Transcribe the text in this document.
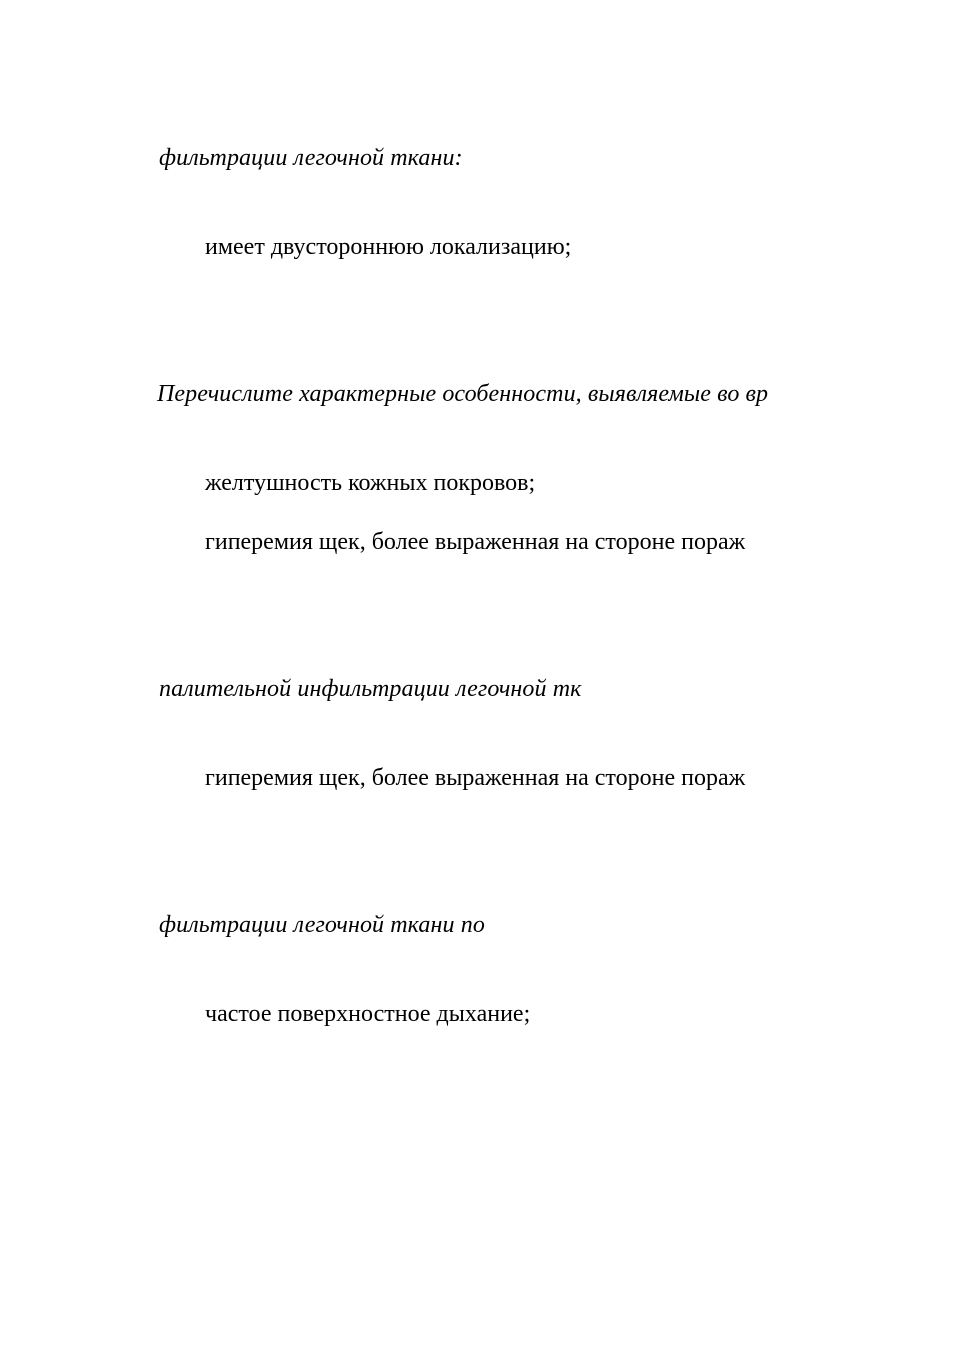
фильтрации легочной ткани:
имеет двустороннюю локализацию;
Перечислите характерные особенности, выявляемые во вр
желтушность кожных покровов;
гиперемия щек, более выраженная на стороне пораж
палительной инфильтрации легочной тк
гиперемия щек, более выраженная на стороне пораж
фильтрации легочной ткани по
частое поверхностное дыхание;
